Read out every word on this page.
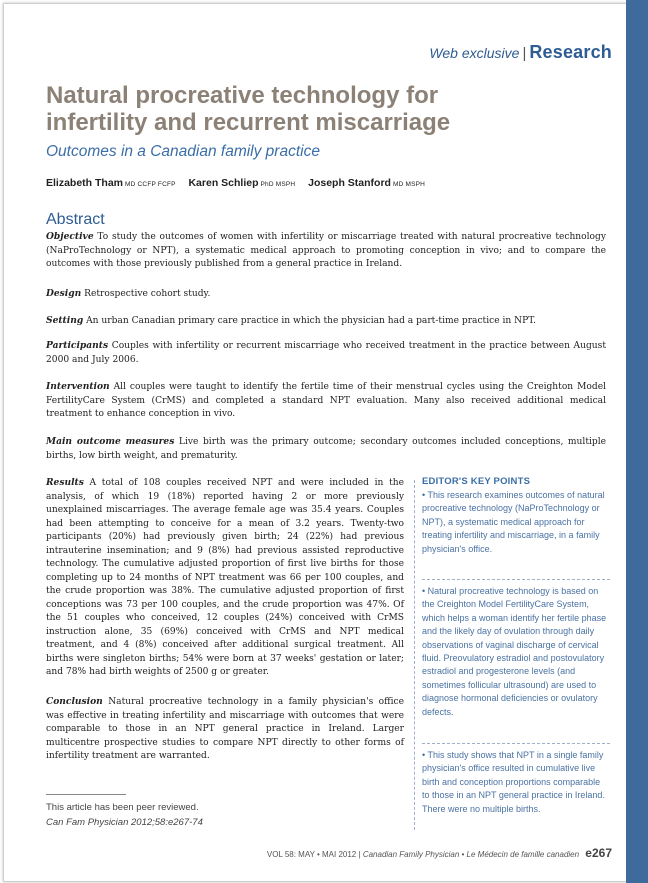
Web exclusive | Research
Natural procreative technology for infertility and recurrent miscarriage
Outcomes in a Canadian family practice
Elizabeth Tham MD CCFP FCFP Karen Schliep PhD MSPH Joseph Stanford MD MSPH
Abstract

Objective To study the outcomes of women with infertility or miscarriage treated with natural procreative technology (NaProTechnology or NPT), a systematic medical approach to promoting conception in vivo; and to compare the outcomes with those previously published from a general practice in Ireland.

Design Retrospective cohort study.

Setting An urban Canadian primary care practice in which the physician had a part-time practice in NPT.

Participants Couples with infertility or recurrent miscarriage who received treatment in the practice between August 2000 and July 2006.

Intervention All couples were taught to identify the fertile time of their menstrual cycles using the Creighton Model FertilityCare System (CrMS) and completed a standard NPT evaluation. Many also received additional medical treatment to enhance conception in vivo.

Main outcome measures Live birth was the primary outcome; secondary outcomes included conceptions, multiple births, low birth weight, and prematurity.

Results A total of 108 couples received NPT and were included in the analysis, of which 19 (18%) reported having 2 or more previously unexplained miscarriages. The average female age was 35.4 years. Couples had been attempting to conceive for a mean of 3.2 years. Twenty-two participants (20%) had previously given birth; 24 (22%) had previous intrauterine insemination; and 9 (8%) had previous assisted reproductive technology. The cumulative adjusted proportion of first live births for those completing up to 24 months of NPT treatment was 66 per 100 couples, and the crude proportion was 38%. The cumulative adjusted proportion of first conceptions was 73 per 100 couples, and the crude proportion was 47%. Of the 51 couples who conceived, 12 couples (24%) conceived with CrMS instruction alone, 35 (69%) conceived with CrMS and NPT medical treatment, and 4 (8%) conceived after additional surgical treatment. All births were singleton births; 54% were born at 37 weeks' gestation or later; and 78% had birth weights of 2500 g or greater.

Conclusion Natural procreative technology in a family physician's office was effective in treating infertility and miscarriage with outcomes that were comparable to those in an NPT general practice in Ireland. Larger multicentre prospective studies to compare NPT directly to other forms of infertility treatment are warranted.

EDITOR'S KEY POINTS

• This research examines outcomes of natural procreative technology (NaProTechnology or NPT), a systematic medical approach for treating infertility and miscarriage, in a family physician's office.

• Natural procreative technology is based on the Creighton Model FertilityCare System, which helps a woman identify her fertile phase and the likely day of ovulation through daily observations of vaginal discharge of cervical fluid. Preovulatory estradiol and postovulatory estradiol and progesterone levels (and sometimes follicular ultrasound) are used to diagnose hormonal deficiencies or ovulatory defects.

• This study shows that NPT in a single family physician's office resulted in cumulative live birth and conception proportions comparable to those in an NPT general practice in Ireland. There were no multiple births.

This article has been peer reviewed.
Can Fam Physician 2012;58:e267-74
VOL 58: MAY • MAI 2012 | Canadian Family Physician • Le Médecin de famille canadien e267
